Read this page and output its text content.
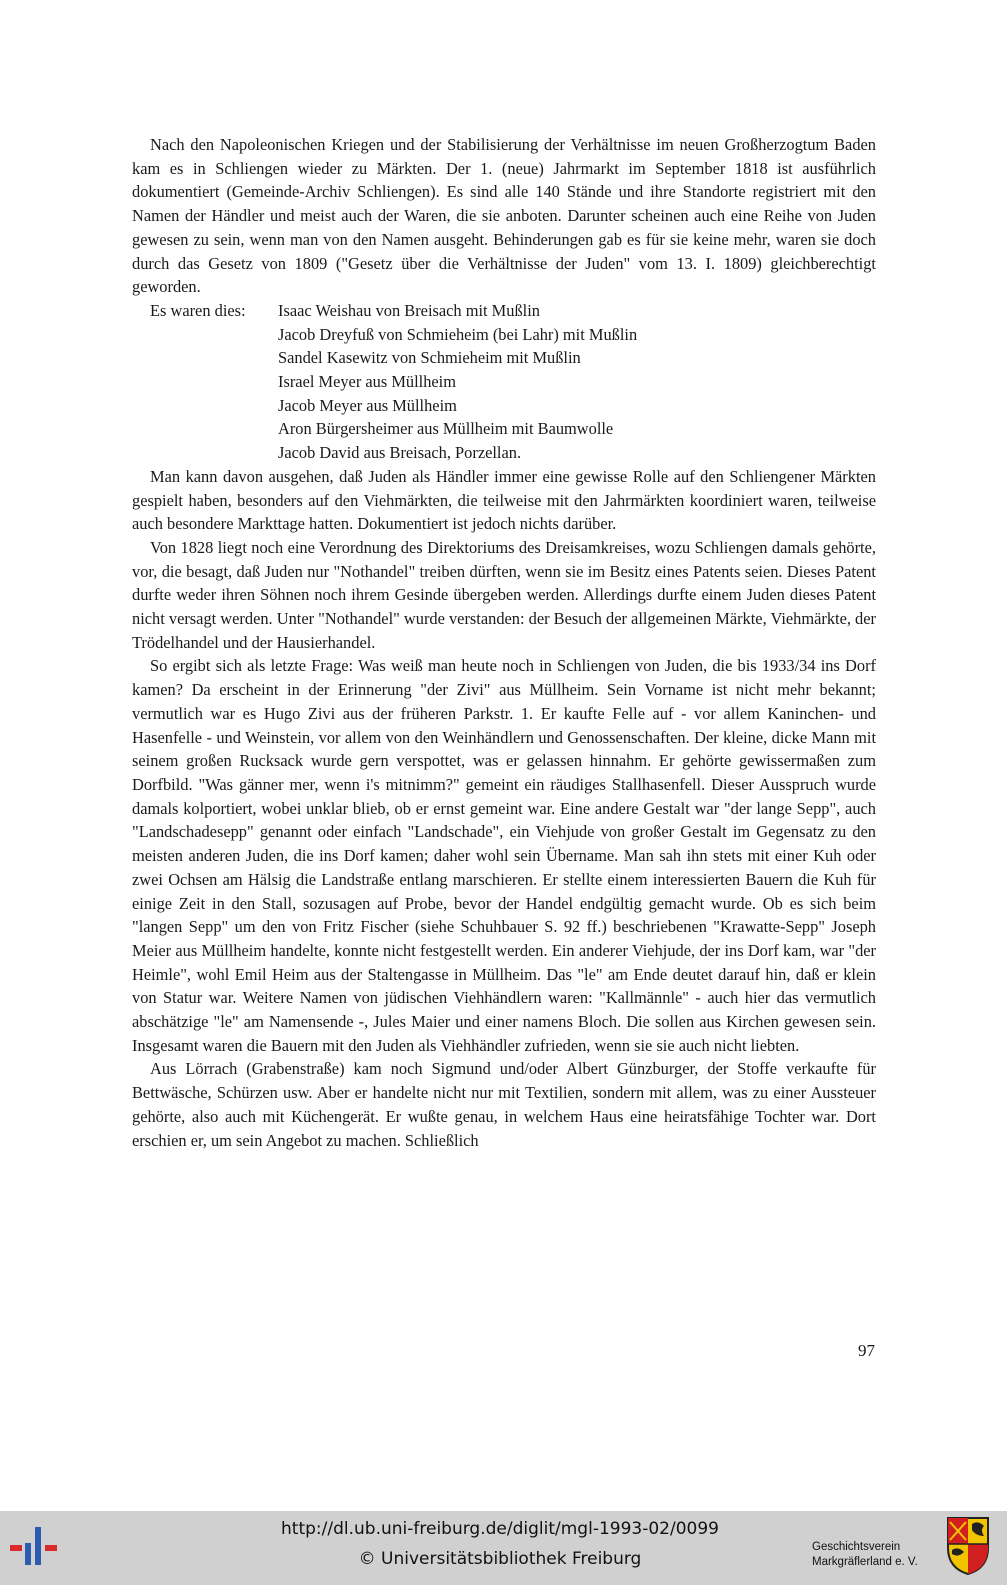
Nach den Napoleonischen Kriegen und der Stabilisierung der Verhältnisse im neuen Großherzogtum Baden kam es in Schliengen wieder zu Märkten. Der 1. (neue) Jahrmarkt im September 1818 ist ausführlich dokumentiert (Gemeinde-Archiv Schliengen). Es sind alle 140 Stände und ihre Standorte registriert mit den Namen der Händler und meist auch der Waren, die sie anboten. Darunter scheinen auch eine Reihe von Juden gewesen zu sein, wenn man von den Namen ausgeht. Behinderungen gab es für sie keine mehr, waren sie doch durch das Gesetz von 1809 ("Gesetz über die Verhältnisse der Juden" vom 13. I. 1809) gleichberechtigt geworden.

Es waren dies:	Isaac Weishau von Breisach mit Mußlin
Jacob Dreyfuß von Schmieheim (bei Lahr) mit Mußlin
Sandel Kasewitz von Schmieheim mit Mußlin
Israel Meyer aus Müllheim
Jacob Meyer aus Müllheim
Aron Bürgersheimer aus Müllheim mit Baumwolle
Jacob David aus Breisach, Porzellan.

Man kann davon ausgehen, daß Juden als Händler immer eine gewisse Rolle auf den Schliengener Märkten gespielt haben, besonders auf den Viehmärkten, die teilweise mit den Jahrmärkten koordiniert waren, teilweise auch besondere Markttage hatten. Dokumentiert ist jedoch nichts darüber.

Von 1828 liegt noch eine Verordnung des Direktoriums des Dreisamkreises, wozu Schliengen damals gehörte, vor, die besagt, daß Juden nur "Nothandel" treiben dürften, wenn sie im Besitz eines Patents seien. Dieses Patent durfte weder ihren Söhnen noch ihrem Gesinde übergeben werden. Allerdings durfte einem Juden dieses Patent nicht versagt werden. Unter "Nothandel" wurde verstanden: der Besuch der allgemeinen Märkte, Viehmärkte, der Trödelhandel und der Hausierhandel.

So ergibt sich als letzte Frage: Was weiß man heute noch in Schliengen von Juden, die bis 1933/34 ins Dorf kamen? Da erscheint in der Erinnerung "der Zivi" aus Müllheim. Sein Vorname ist nicht mehr bekannt; vermutlich war es Hugo Zivi aus der früheren Parkstr. 1. Er kaufte Felle auf - vor allem Kaninchen- und Hasenfelle - und Weinstein, vor allem von den Weinhändlern und Genossenschaften. Der kleine, dicke Mann mit seinem großen Rucksack wurde gern verspottet, was er gelassen hinnahm. Er gehörte gewissermaßen zum Dorfbild. "Was gänner mer, wenn i's mitnimm?" gemeint ein räudiges Stallhasenfell. Dieser Ausspruch wurde damals kolportiert, wobei unklar blieb, ob er ernst gemeint war. Eine andere Gestalt war "der lange Sepp", auch "Landschadesepp" genannt oder einfach "Landschade", ein Viehjude von großer Gestalt im Gegensatz zu den meisten anderen Juden, die ins Dorf kamen; daher wohl sein Übername. Man sah ihn stets mit einer Kuh oder zwei Ochsen am Hälsig die Landstraße entlang marschieren. Er stellte einem interessierten Bauern die Kuh für einige Zeit in den Stall, sozusagen auf Probe, bevor der Handel endgültig gemacht wurde. Ob es sich beim "langen Sepp" um den von Fritz Fischer (siehe Schuhbauer S. 92 ff.) beschriebenen "Krawatte-Sepp" Joseph Meier aus Müllheim handelte, konnte nicht festgestellt werden. Ein anderer Viehjude, der ins Dorf kam, war "der Heimle", wohl Emil Heim aus der Staltengasse in Müllheim. Das "le" am Ende deutet darauf hin, daß er klein von Statur war. Weitere Namen von jüdischen Viehhändlern waren: "Kallmännle" - auch hier das vermutlich abschätzige "le" am Namensende -, Jules Maier und einer namens Bloch. Die sollen aus Kirchen gewesen sein. Insgesamt waren die Bauern mit den Juden als Viehhändler zufrieden, wenn sie sie auch nicht liebten.

Aus Lörrach (Grabenstraße) kam noch Sigmund und/oder Albert Günzburger, der Stoffe verkaufte für Bettwäsche, Schürzen usw. Aber er handelte nicht nur mit Textilien, sondern mit allem, was zu einer Aussteuer gehörte, also auch mit Küchengerät. Er wußte genau, in welchem Haus eine heiratsfähige Tochter war. Dort erschien er, um sein Angebot zu machen. Schließlich

97
http://dl.ub.uni-freiburg.de/diglit/mgl-1993-02/0099
© Universitätsbibliothek Freiburg
Geschichtsverein
Markgräflerland e. V.
